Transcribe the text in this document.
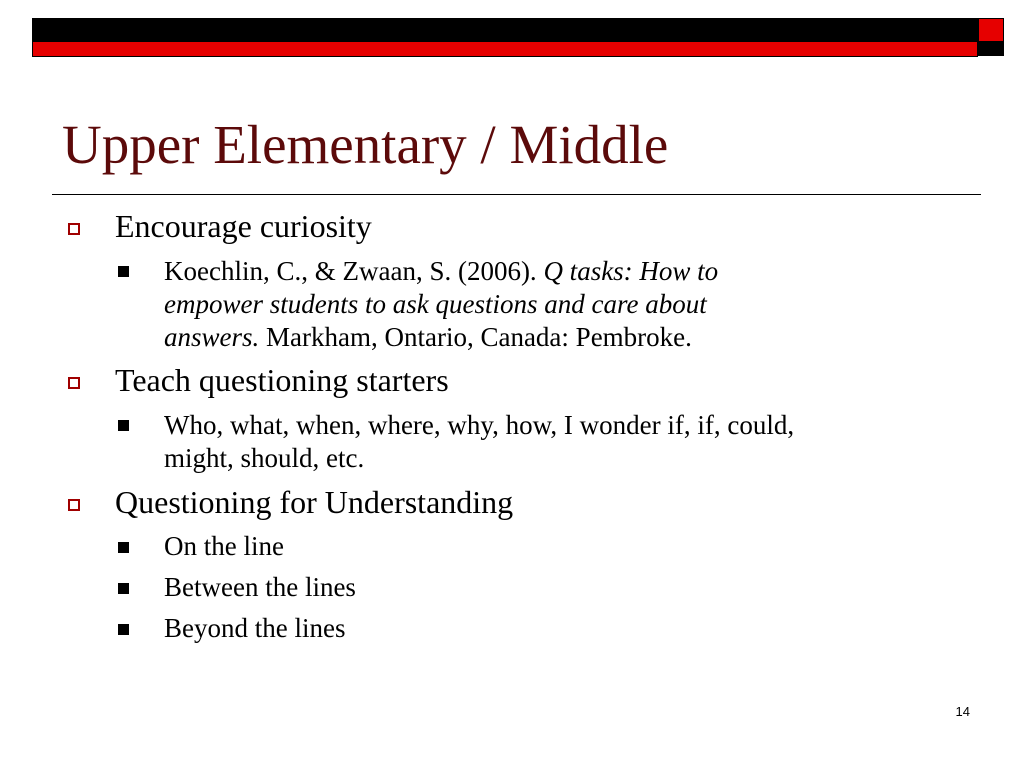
Upper Elementary / Middle
Encourage curiosity
Koechlin, C., & Zwaan, S. (2006). Q tasks: How to
empower students to ask questions and care about
answers. Markham, Ontario, Canada: Pembroke.
Teach questioning starters
Who, what, when, where, why, how, I wonder if, if, could,
might, should, etc.
Questioning for Understanding
On the line
Between the lines
Beyond the lines
14
